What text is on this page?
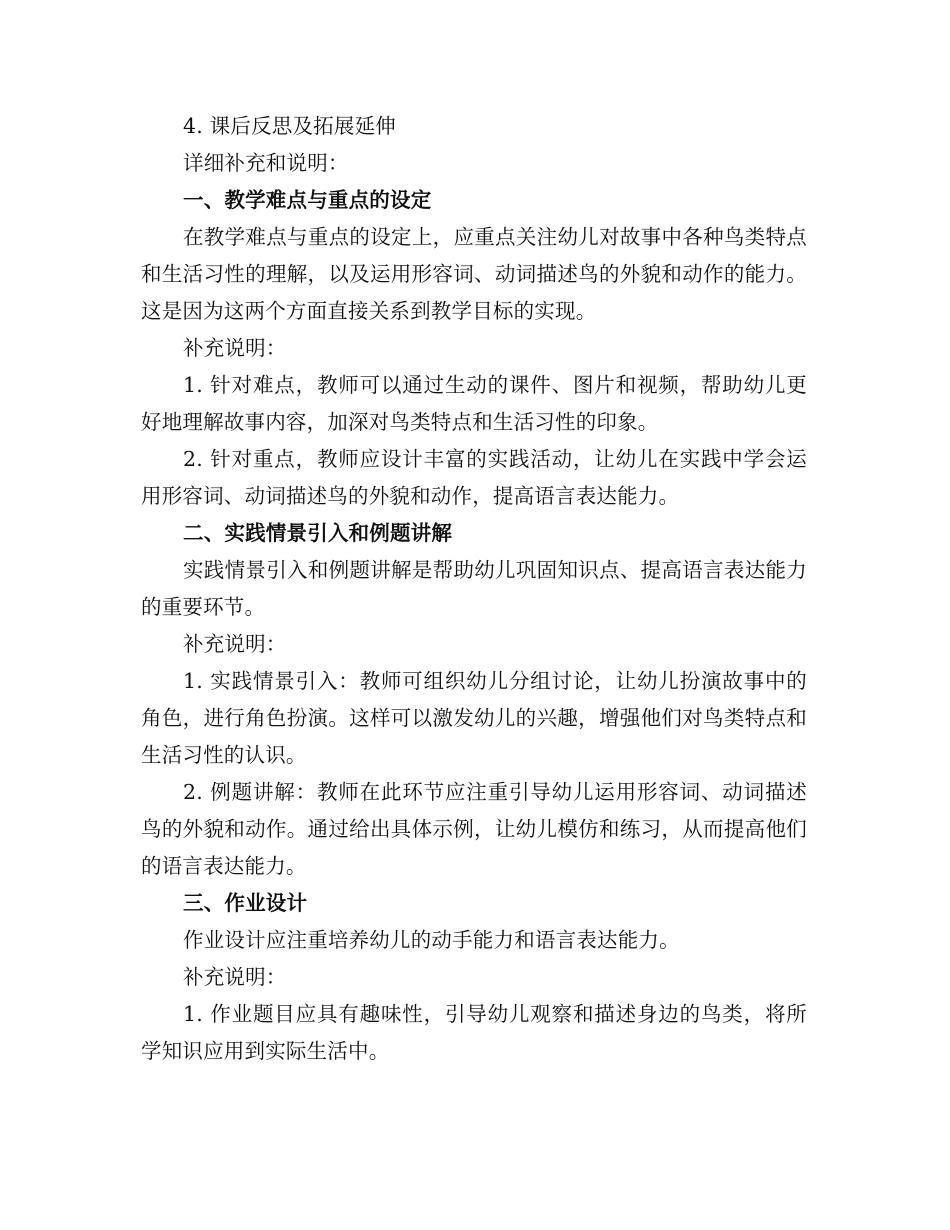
4. 课后反思及拓展延伸

详细补充和说明：

一、教学难点与重点的设定

在教学难点与重点的设定上，应重点关注幼儿对故事中各种鸟类特点和生活习性的理解，以及运用形容词、动词描述鸟的外貌和动作的能力。这是因为这两个方面直接关系到教学目标的实现。

补充说明：

1. 针对难点，教师可以通过生动的课件、图片和视频，帮助幼儿更好地理解故事内容，加深对鸟类特点和生活习性的印象。

2. 针对重点，教师应设计丰富的实践活动，让幼儿在实践中学会运用形容词、动词描述鸟的外貌和动作，提高语言表达能力。

二、实践情景引入和例题讲解

实践情景引入和例题讲解是帮助幼儿巩固知识点、提高语言表达能力的重要环节。

补充说明：

1. 实践情景引入：教师可组织幼儿分组讨论，让幼儿扮演故事中的角色，进行角色扮演。这样可以激发幼儿的兴趣，增强他们对鸟类特点和生活习性的认识。

2. 例题讲解：教师在此环节应注重引导幼儿运用形容词、动词描述鸟的外貌和动作。通过给出具体示例，让幼儿模仿和练习，从而提高他们的语言表达能力。

三、作业设计

作业设计应注重培养幼儿的动手能力和语言表达能力。

补充说明：

1. 作业题目应具有趣味性，引导幼儿观察和描述身边的鸟类，将所学知识应用到实际生活中。
